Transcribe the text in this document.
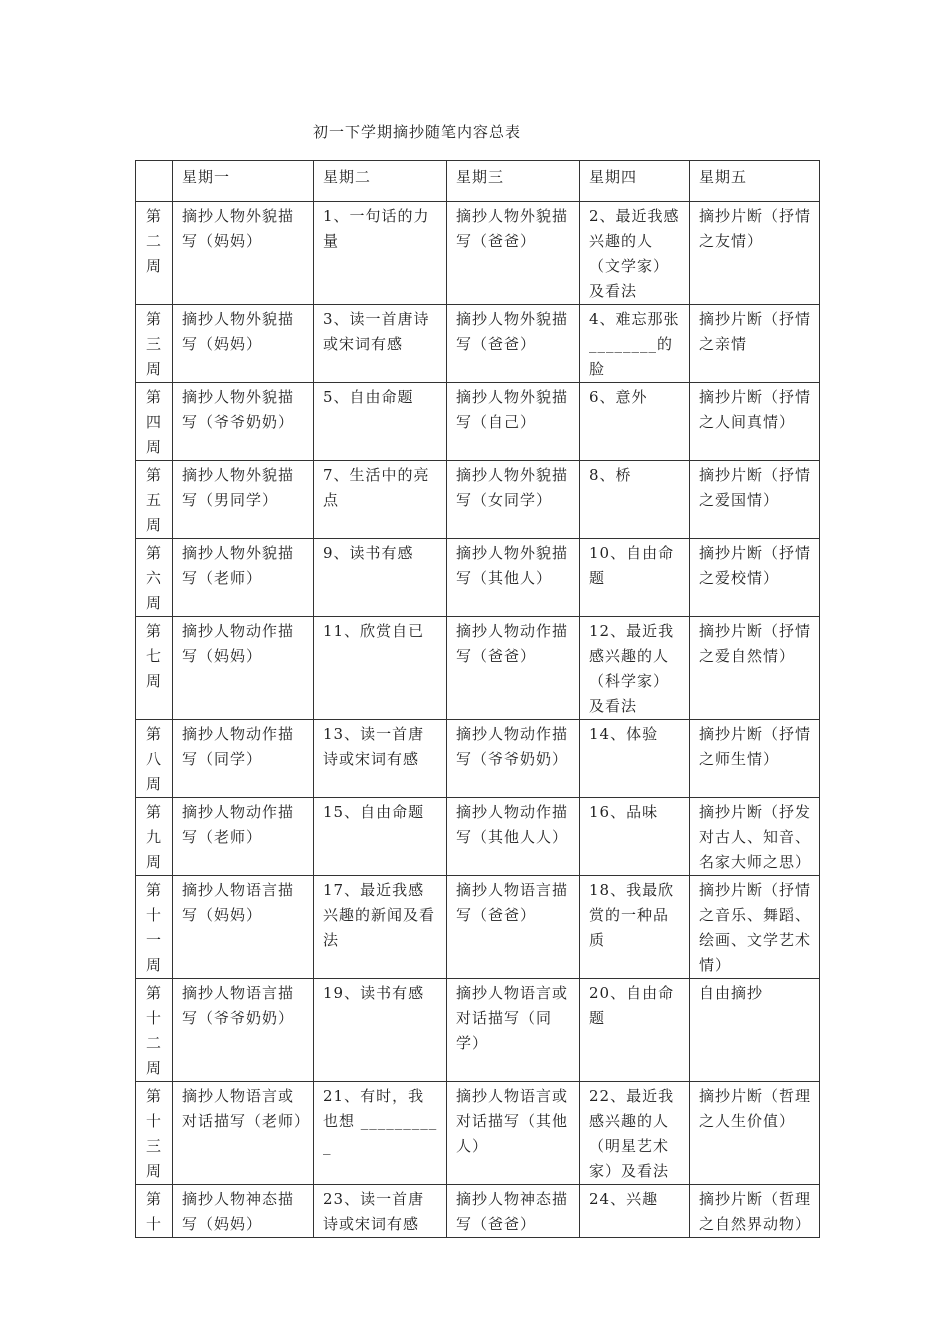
初一下学期摘抄随笔内容总表
	星期一	星期二	星期三	星期四	星期五

第
二
周	摘抄人物外貌描写（妈妈）	1、一句话的力量	摘抄人物外貌描写（爸爸）	2、最近我感兴趣的人（文学家）及看法	摘抄片断（抒情之友情）

第
三
周	摘抄人物外貌描写（妈妈）	3、读一首唐诗或宋词有感	摘抄人物外貌描写（爸爸）	4、难忘那张________的脸	摘抄片断（抒情之亲情

第
四
周	摘抄人物外貌描写（爷爷奶奶）	5、自由命题	摘抄人物外貌描写（自己）	6、意外	摘抄片断（抒情之人间真情）

第
五
周	摘抄人物外貌描写（男同学）	7、生活中的亮点	摘抄人物外貌描写（女同学）	8、桥	摘抄片断（抒情之爱国情）

第
六
周	摘抄人物外貌描写（老师）	9、读书有感	摘抄人物外貌描写（其他人）	10、自由命题	摘抄片断（抒情之爱校情）

第
七
周	摘抄人物动作描写（妈妈）	11、欣赏自已	摘抄人物动作描写（爸爸）	12、最近我感兴趣的人（科学家）及看法	摘抄片断（抒情之爱自然情）

第
八
周	摘抄人物动作描写（同学）	13、读一首唐诗或宋词有感	摘抄人物动作描写（爷爷奶奶）	14、体验	摘抄片断（抒情之师生情）

第
九
周	摘抄人物动作描写（老师）	15、自由命题	摘抄人物动作描写（其他人人）	16、品味	摘抄片断（抒发对古人、知音、名家大师之思）

第
十
一
周	摘抄人物语言描写（妈妈）	17、最近我感兴趣的新闻及看法	摘抄人物语言描写（爸爸）	18、我最欣赏的一种品质	摘抄片断（抒情之音乐、舞蹈、绘画、文学艺术情）

第
十
二
周	摘抄人物语言描写（爷爷奶奶）	19、读书有感	摘抄人物语言或对话描写（同学）	20、自由命题	自由摘抄

第
十
三
周	摘抄人物语言或对话描写（老师）	21、有时，我也想 __________	摘抄人物语言或对话描写（其他人）	22、最近我感兴趣的人（明星艺术家）及看法	摘抄片断（哲理之人生价值）

第
十	摘抄人物神态描写（妈妈）	23、读一首唐诗或宋词有感	摘抄人物神态描写（爸爸）	24、兴趣	摘抄片断（哲理之自然界动物）
